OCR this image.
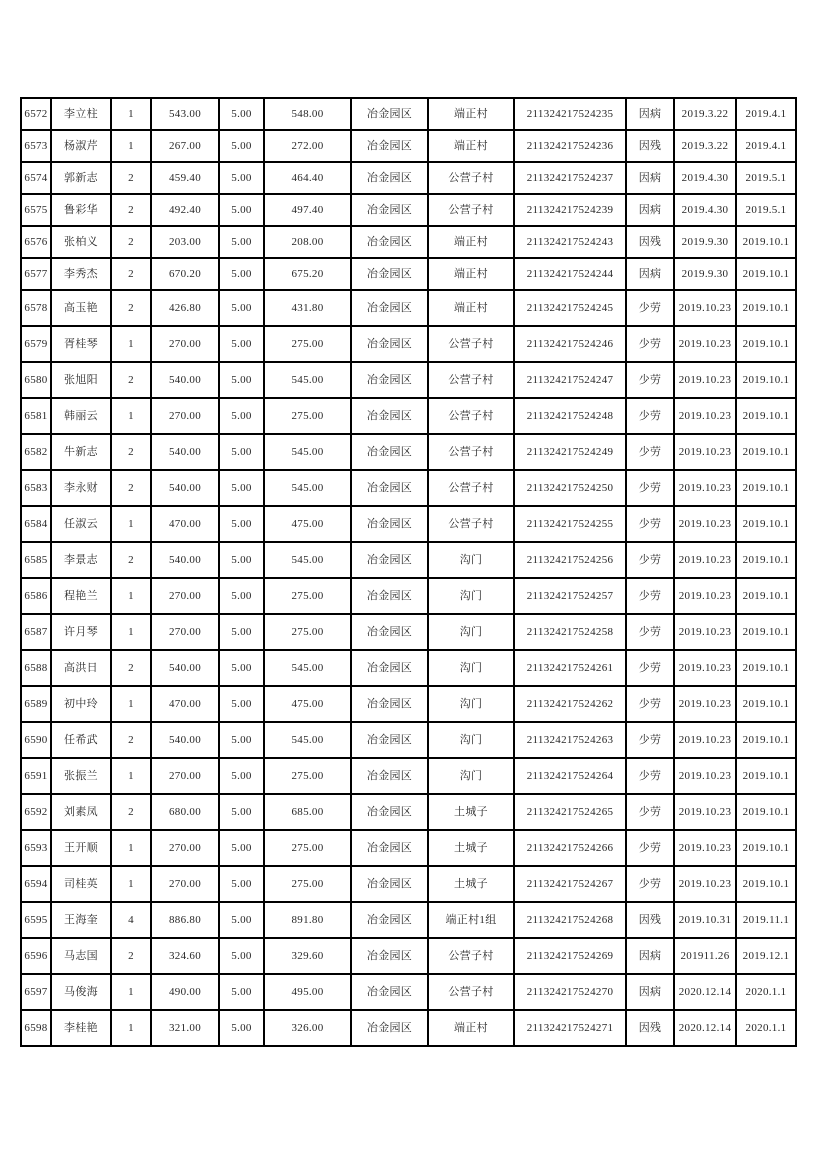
6572	李立柱	1	543.00	5.00	548.00	冶金园区	端正村	211324217524235	因病	2019.3.22	2019.4.1
6573	杨淑芹	1	267.00	5.00	272.00	冶金园区	端正村	211324217524236	因残	2019.3.22	2019.4.1
6574	郭新志	2	459.40	5.00	464.40	冶金园区	公营子村	211324217524237	因病	2019.4.30	2019.5.1
6575	鲁彩华	2	492.40	5.00	497.40	冶金园区	公营子村	211324217524239	因病	2019.4.30	2019.5.1
6576	张柏义	2	203.00	5.00	208.00	冶金园区	端正村	211324217524243	因残	2019.9.30	2019.10.1
6577	李秀杰	2	670.20	5.00	675.20	冶金园区	端正村	211324217524244	因病	2019.9.30	2019.10.1
6578	高玉艳	2	426.80	5.00	431.80	冶金园区	端正村	211324217524245	少劳	2019.10.23	2019.10.1
6579	胥桂琴	1	270.00	5.00	275.00	冶金园区	公营子村	211324217524246	少劳	2019.10.23	2019.10.1
6580	张旭阳	2	540.00	5.00	545.00	冶金园区	公营子村	211324217524247	少劳	2019.10.23	2019.10.1
6581	韩丽云	1	270.00	5.00	275.00	冶金园区	公营子村	211324217524248	少劳	2019.10.23	2019.10.1
6582	牛新志	2	540.00	5.00	545.00	冶金园区	公营子村	211324217524249	少劳	2019.10.23	2019.10.1
6583	李永财	2	540.00	5.00	545.00	冶金园区	公营子村	211324217524250	少劳	2019.10.23	2019.10.1
6584	任淑云	1	470.00	5.00	475.00	冶金园区	公营子村	211324217524255	少劳	2019.10.23	2019.10.1
6585	李景志	2	540.00	5.00	545.00	冶金园区	沟门	211324217524256	少劳	2019.10.23	2019.10.1
6586	程艳兰	1	270.00	5.00	275.00	冶金园区	沟门	211324217524257	少劳	2019.10.23	2019.10.1
6587	许月琴	1	270.00	5.00	275.00	冶金园区	沟门	211324217524258	少劳	2019.10.23	2019.10.1
6588	高洪日	2	540.00	5.00	545.00	冶金园区	沟门	211324217524261	少劳	2019.10.23	2019.10.1
6589	初中玲	1	470.00	5.00	475.00	冶金园区	沟门	211324217524262	少劳	2019.10.23	2019.10.1
6590	任希武	2	540.00	5.00	545.00	冶金园区	沟门	211324217524263	少劳	2019.10.23	2019.10.1
6591	张振兰	1	270.00	5.00	275.00	冶金园区	沟门	211324217524264	少劳	2019.10.23	2019.10.1
6592	刘素凤	2	680.00	5.00	685.00	冶金园区	土城子	211324217524265	少劳	2019.10.23	2019.10.1
6593	王开顺	1	270.00	5.00	275.00	冶金园区	土城子	211324217524266	少劳	2019.10.23	2019.10.1
6594	司桂英	1	270.00	5.00	275.00	冶金园区	土城子	211324217524267	少劳	2019.10.23	2019.10.1
6595	王海奎	4	886.80	5.00	891.80	冶金园区	端正村1组	211324217524268	因残	2019.10.31	2019.11.1
6596	马志国	2	324.60	5.00	329.60	冶金园区	公营子村	211324217524269	因病	201911.26	2019.12.1
6597	马俊海	1	490.00	5.00	495.00	冶金园区	公营子村	211324217524270	因病	2020.12.14	2020.1.1
6598	李桂艳	1	321.00	5.00	326.00	冶金园区	端正村	211324217524271	因残	2020.12.14	2020.1.1
